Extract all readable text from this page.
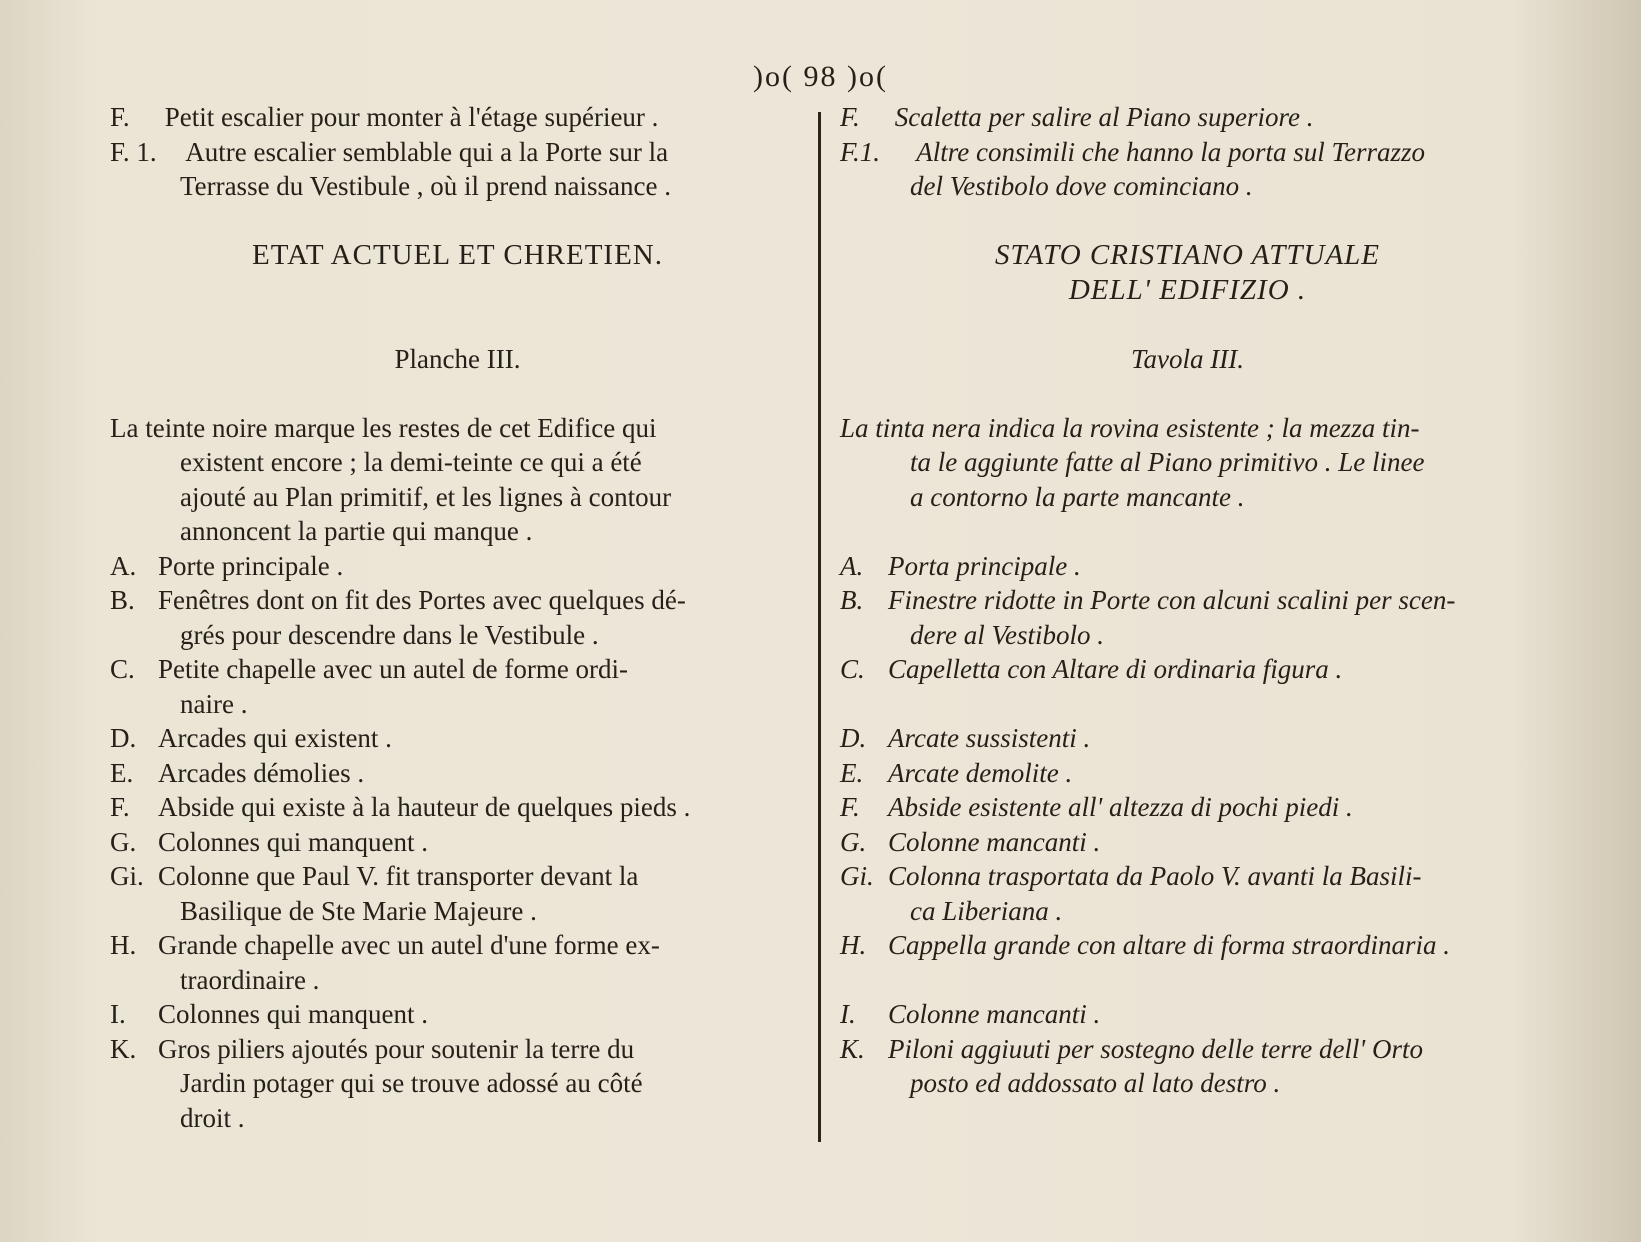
)o( 98 )o(
F. Petit escalier pour monter à l'étage supérieur .
F. 1. Autre escalier semblable qui a la Porte sur la
Terrasse du Vestibule , où il prend naissance .
ETAT ACTUEL ET CHRETIEN.
Planche III.
La teinte noire marque les restes de cet Edifice qui
existent encore ; la demi-teinte ce qui a été
ajouté au Plan primitif, et les lignes à contour
annoncent la partie qui manque .
A. Porte principale .
B. Fenêtres dont on fit des Portes avec quelques dé-
grés pour descendre dans le Vestibule .
C. Petite chapelle avec un autel de forme ordi-
naire .
D. Arcades qui existent .
E. Arcades démolies .
F. Abside qui existe à la hauteur de quelques pieds .
G. Colonnes qui manquent .
Gi. Colonne que Paul V. fit transporter devant la
Basilique de Ste Marie Majeure .
H. Grande chapelle avec un autel d'une forme ex-
traordinaire .
I. Colonnes qui manquent .
K. Gros piliers ajoutés pour soutenir la terre du
Jardin potager qui se trouve adossé au côté
droit .
F. Scaletta per salire al Piano superiore .
F.1. Altre consimili che hanno la porta sul Terrazzo
del Vestibolo dove cominciano .
STATO CRISTIANO ATTUALE
DELL' EDIFIZIO .
Tavola III.
La tinta nera indica la rovina esistente ; la mezza tin-
ta le aggiunte fatte al Piano primitivo . Le linee
a contorno la parte mancante .
A. Porta principale .
B. Finestre ridotte in Porte con alcuni scalini per scen-
dere al Vestibolo .
C. Capelletta con Altare di ordinaria figura .
D. Arcate sussistenti .
E. Arcate demolite .
F. Abside esistente all' altezza di pochi piedi .
G. Colonne mancanti .
Gi. Colonna trasportata da Paolo V. avanti la Basili-
ca Liberiana .
H. Cappella grande con altare di forma straordinaria .
I. Colonne mancanti .
K. Piloni aggiuuti per sostegno delle terre dell' Orto
posto ed addossato al lato destro .
